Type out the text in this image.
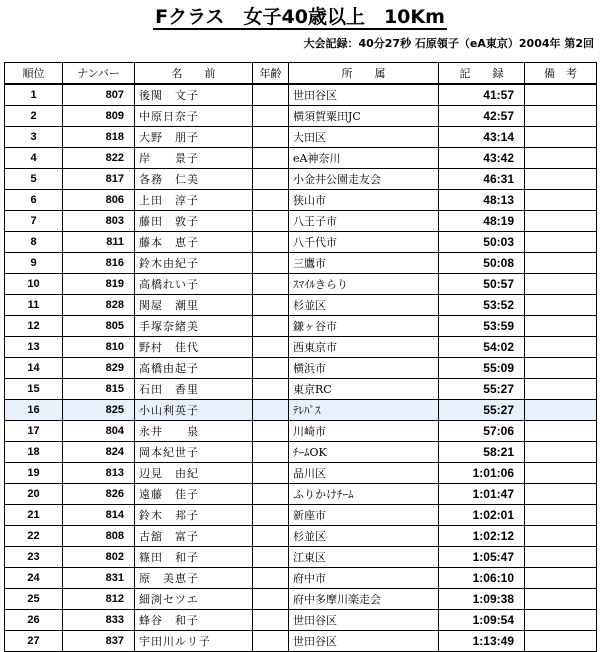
Fクラス　女子40歳以上　10Km
大会記録：40分27秒 石原領子（eA東京）2004年 第2回
順位	ナンバー	名　　前	年齢	所　　属	記　　録	備　考
1	807	後関　文子		世田谷区	41:57	
2	809	中原日奈子		横須賀粟田JC	42:57	
3	818	大野　朋子		大田区	43:14	
4	822	岸　　景子		eA神奈川	43:42	
5	817	各務　仁美		小金井公園走友会	46:31	
6	806	上田　淳子		狭山市	48:13	
7	803	藤田　敦子		八王子市	48:19	
8	811	藤本　恵子		八千代市	50:03	
9	816	鈴木由紀子		三鷹市	50:08	
10	819	高橋れい子		ｽﾏｲﾙきらり	50:57	
11	828	関屋　潮里		杉並区	53:52	
12	805	手塚奈緒美		鎌ヶ谷市	53:59	
13	810	野村　佳代		西東京市	54:02	
14	829	高橋由起子		横浜市	55:09	
15	815	石田　香里		東京RC	55:27	
16	825	小山利英子		ﾃﾚﾊﾟｽ	55:27	
17	804	永井　　泉		川崎市	57:06	
18	824	岡本紀世子		ﾁｰﾑOK	58:21	
19	813	辺見　由紀		品川区	1:01:06	
20	826	遠藤　佳子		ふりかけﾁｰﾑ	1:01:47	
21	814	鈴木　邦子		新座市	1:02:01	
22	808	古舘　富子		杉並区	1:02:12	
23	802	篠田　和子		江東区	1:05:47	
24	831	原　美恵子		府中市	1:06:10	
25	812	細渕セツエ		府中多摩川楽走会	1:09:38	
26	833	蜂谷　和子		世田谷区	1:09:54	
27	837	宇田川ルリ子		世田谷区	1:13:49	
